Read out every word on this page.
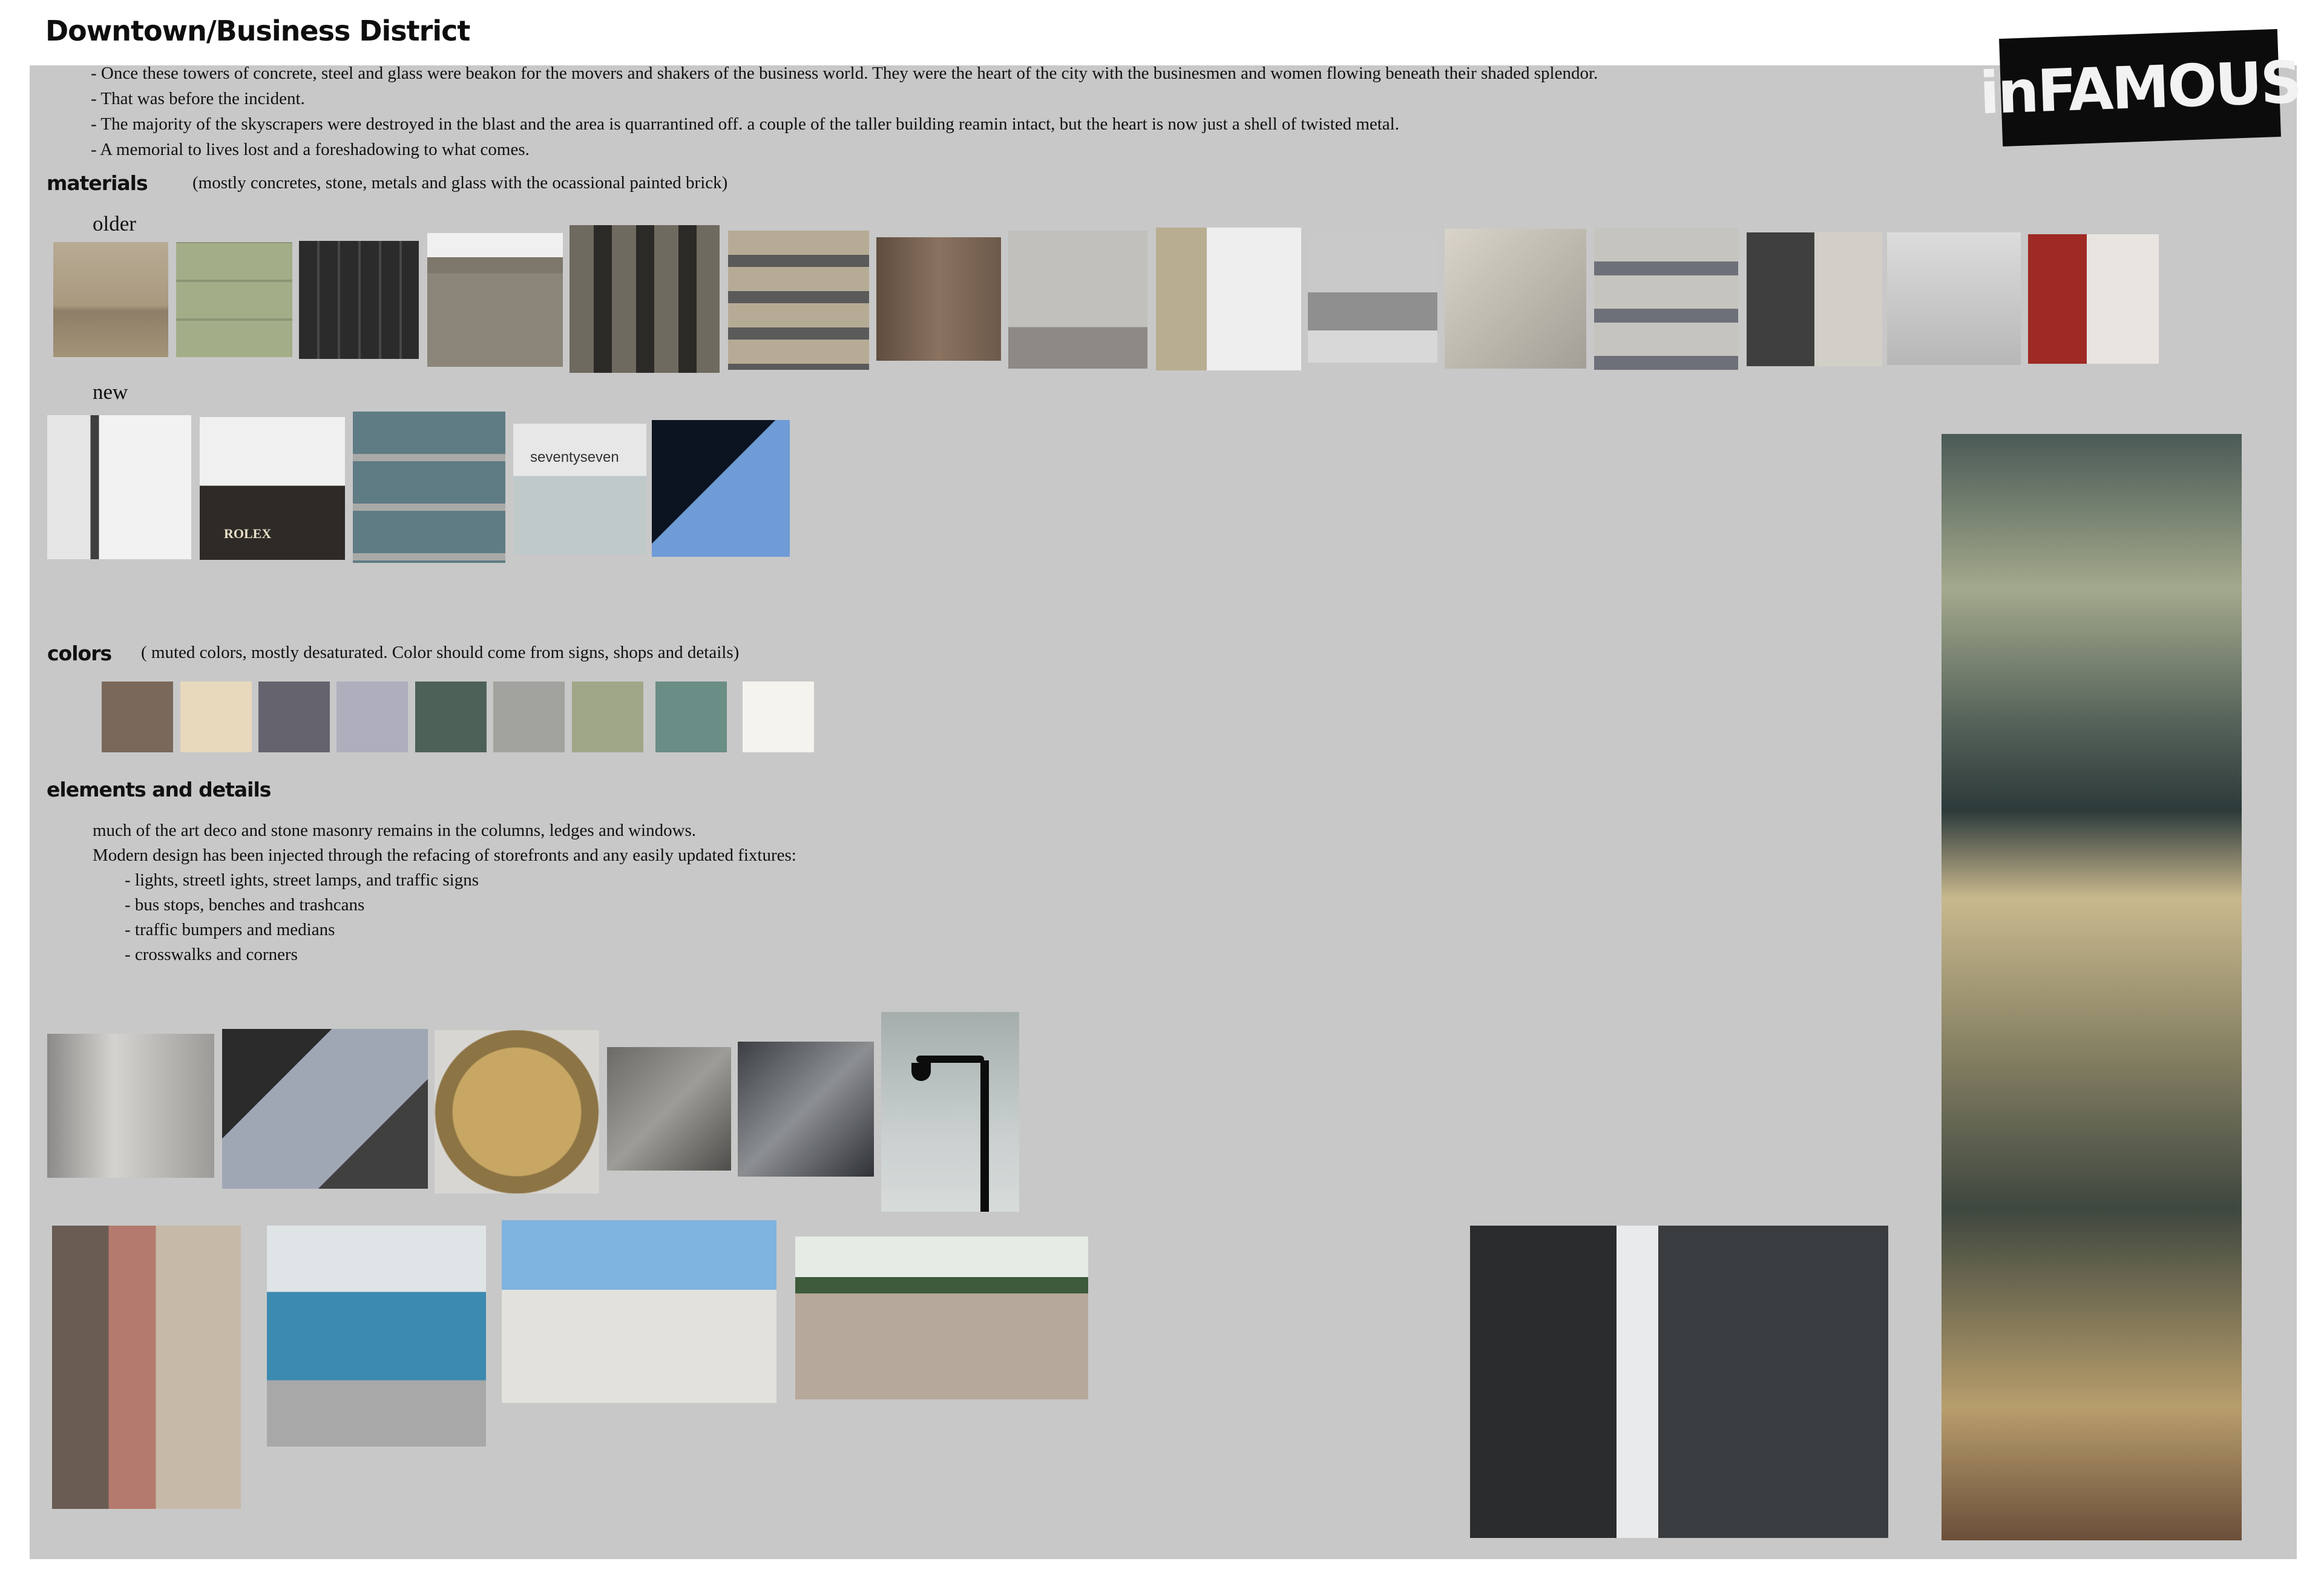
Downtown/Business District
inFAMOUS
- Once these towers of concrete, steel and glass were beakon for the movers and shakers of the business world. They were the heart of the city with the businesmen and women flowing beneath their shaded splendor.
- That was before the incident.
- The majority of the skyscrapers were destroyed in the blast and the area is quarrantined off. a couple of the taller building reamin intact, but the heart is now just a shell of twisted metal.
- A memorial to lives lost and a foreshadowing to what comes.
materials	(mostly concretes, stone, metals and glass with the ocassional painted brick)
older
new
ROLEX
seventyseven
colors ( muted colors, mostly desaturated. Color should come from signs, shops and details)
elements and details
much of the art deco and stone masonry remains in the columns, ledges and windows.
Modern design has been injected through the refacing of storefronts and any easily updated fixtures:
- lights, streetl ights, street lamps, and traffic signs
- bus stops, benches and trashcans
- traffic bumpers and medians
- crosswalks and corners
